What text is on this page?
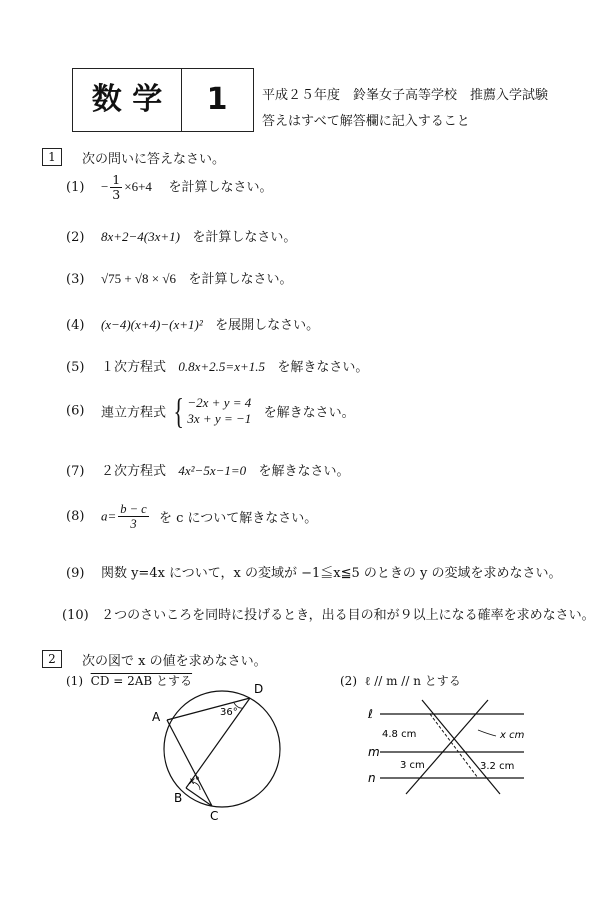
数 学	1	平成２５年度　鈴峯女子高等学校　推薦入学試験
答えはすべて解答欄に記入すること
1	次の問いに答えなさい。
$(1) - \frac{1}{3} \times 6+4$ を計算しなさい。
(2) 8x+2−4(3x+1) を計算しなさい。
(3) √75 + √8 × √6 を計算しなさい。
(4) (x−4)(x+4)−(x+1)² を展開しなさい。
(5) １次方程式 0.8x+2.5=x+1.5 を解きなさい。
(6) 連立方程式 { −2x + y = 4
3x + y = −1 を解きなさい。
(7) ２次方程式 4x²−5x−1=0 を解きなさい。
(8) $a= \frac{b - c}{3}$ を c について解きなさい。
(9) 関数 y=4x について，x の変域が −1≦x≦5 のときの y の変域を求めなさい。
(10) ２つのさいころを同時に投げるとき，出る目の和が９以上になる確率を求めなさい。
2	次の図で x の値を求めなさい。
(1) CD = 2AB とする	(2) ℓ // m // n とする
A
B
C
D
36°
x°
ℓ
m
n
4.8 cm	x cm
3 cm	3.2 cm
